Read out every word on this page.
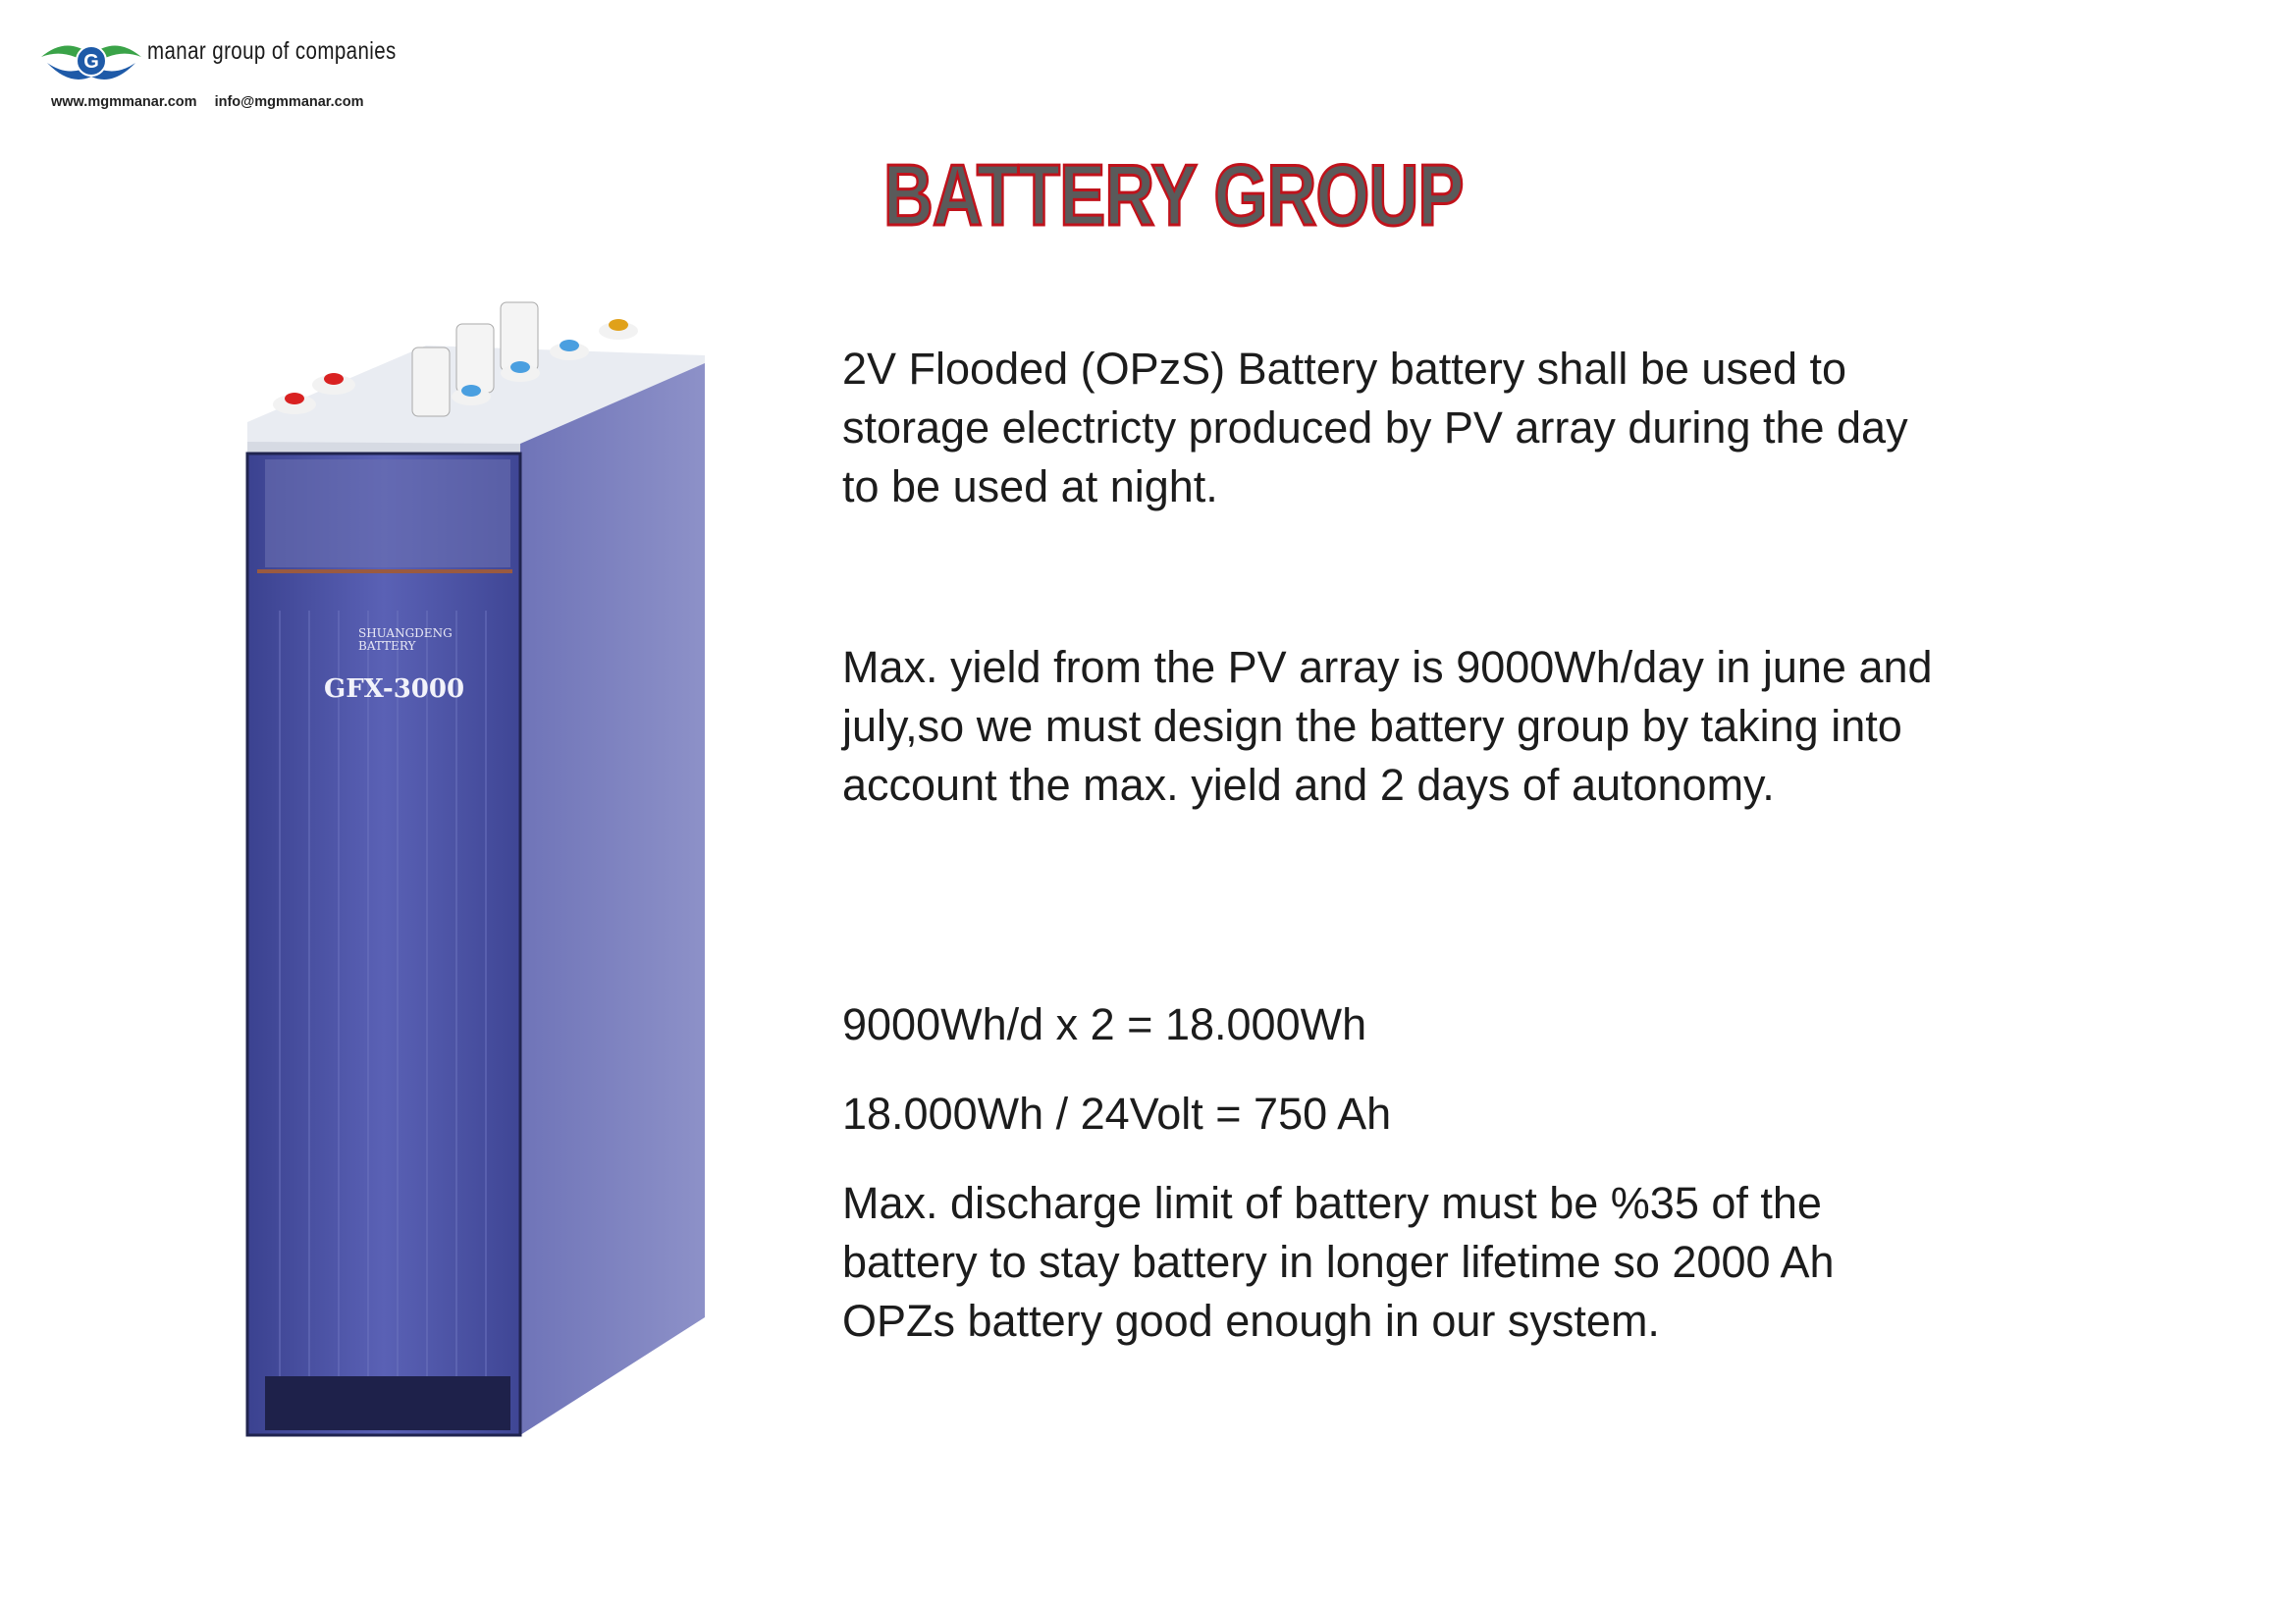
G manar group of companies
www.mgmmanar.com info@mgmmanar.com
BATTERY GROUP
SHUANGDENG
BATTERY
GFX-3000

2V Flooded (OPzS) Battery battery shall be used to storage electricty produced by PV array during the day to be used at night.

Max. yield from the PV array is 9000Wh/day in june and july,so we must design the battery group by taking into account the max. yield and 2 days of autonomy.

9000Wh/d x 2 = 18.000Wh

18.000Wh / 24Volt = 750 Ah

Max. discharge limit of battery must be %35 of the battery to stay battery in longer lifetime so 2000 Ah OPZs battery good enough in our system.
